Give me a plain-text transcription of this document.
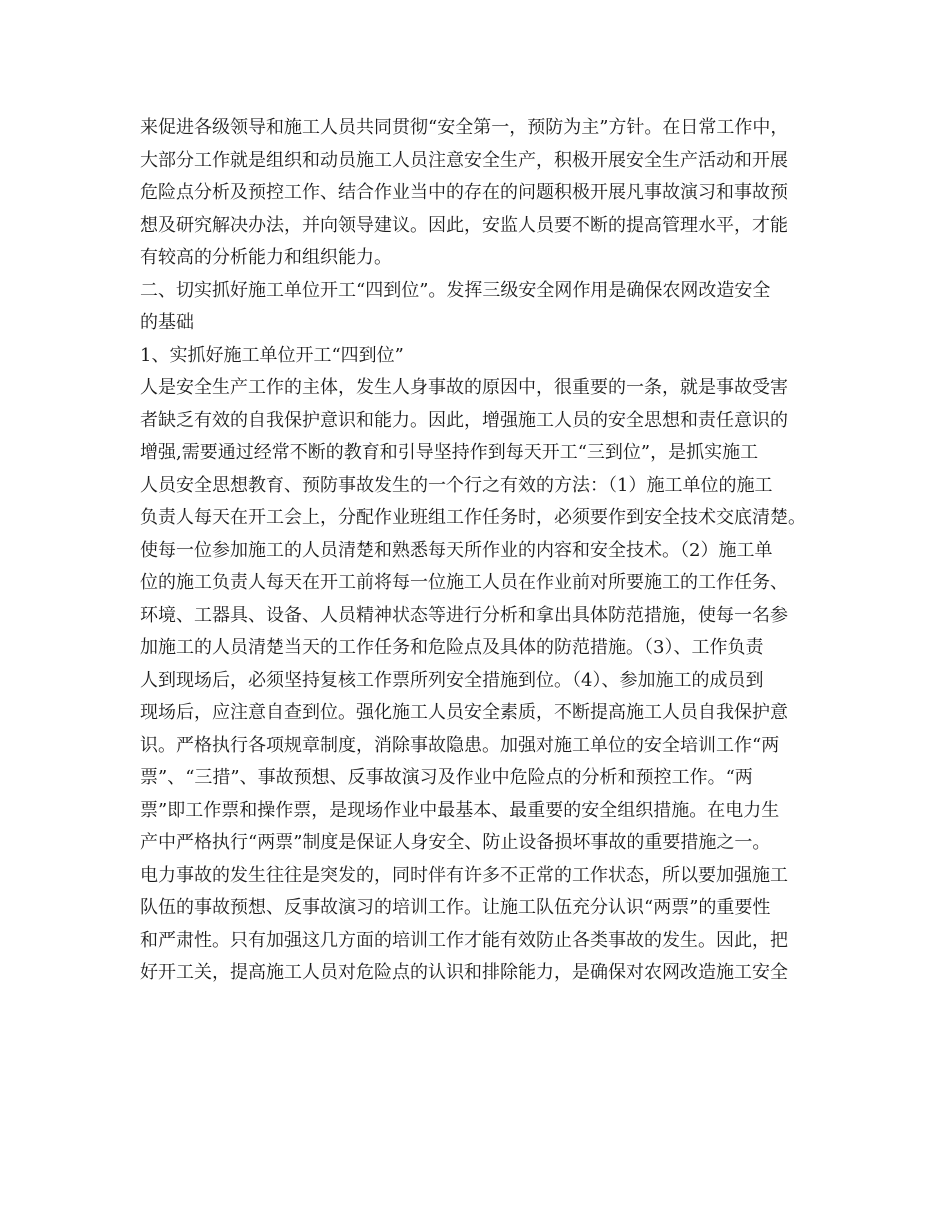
来促进各级领导和施工人员共同贯彻“安全第一，预防为主”方针。在日常工作中，
大部分工作就是组织和动员施工人员注意安全生产，积极开展安全生产活动和开展
危险点分析及预控工作、结合作业当中的存在的问题积极开展凡事故演习和事故预
想及研究解决办法，并向领导建议。因此，安监人员要不断的提高管理水平，才能
有较高的分析能力和组织能力。
二、切实抓好施工单位开工“四到位”。发挥三级安全网作用是确保农网改造安全
的基础
1、实抓好施工单位开工“四到位”
人是安全生产工作的主体，发生人身事故的原因中，很重要的一条，就是事故受害
者缺乏有效的自我保护意识和能力。因此，增强施工人员的安全思想和责任意识的
增强,需要通过经常不断的教育和引导坚持作到每天开工“三到位”，是抓实施工
人员安全思想教育、预防事故发生的一个行之有效的方法：（1）施工单位的施工
负责人每天在开工会上，分配作业班组工作任务时，必须要作到安全技术交底清楚。
使每一位参加施工的人员清楚和熟悉每天所作业的内容和安全技术。（2）施工单
位的施工负责人每天在开工前将每一位施工人员在作业前对所要施工的工作任务、
环境、工器具、设备、人员精神状态等进行分析和拿出具体防范措施，使每一名参
加施工的人员清楚当天的工作任务和危险点及具体的防范措施。（3）、工作负责
人到现场后，必须坚持复核工作票所列安全措施到位。（4）、参加施工的成员到
现场后，应注意自查到位。强化施工人员安全素质，不断提高施工人员自我保护意
识。严格执行各项规章制度，消除事故隐患。加强对施工单位的安全培训工作“两
票”、“三措”、事故预想、反事故演习及作业中危险点的分析和预控工作。“两
票”即工作票和操作票，是现场作业中最基本、最重要的安全组织措施。在电力生
产中严格执行“两票”制度是保证人身安全、防止设备损坏事故的重要措施之一。
电力事故的发生往往是突发的，同时伴有许多不正常的工作状态，所以要加强施工
队伍的事故预想、反事故演习的培训工作。让施工队伍充分认识“两票”的重要性
和严肃性。只有加强这几方面的培训工作才能有效防止各类事故的发生。因此，把
好开工关，提高施工人员对危险点的认识和排除能力，是确保对农网改造施工安全
